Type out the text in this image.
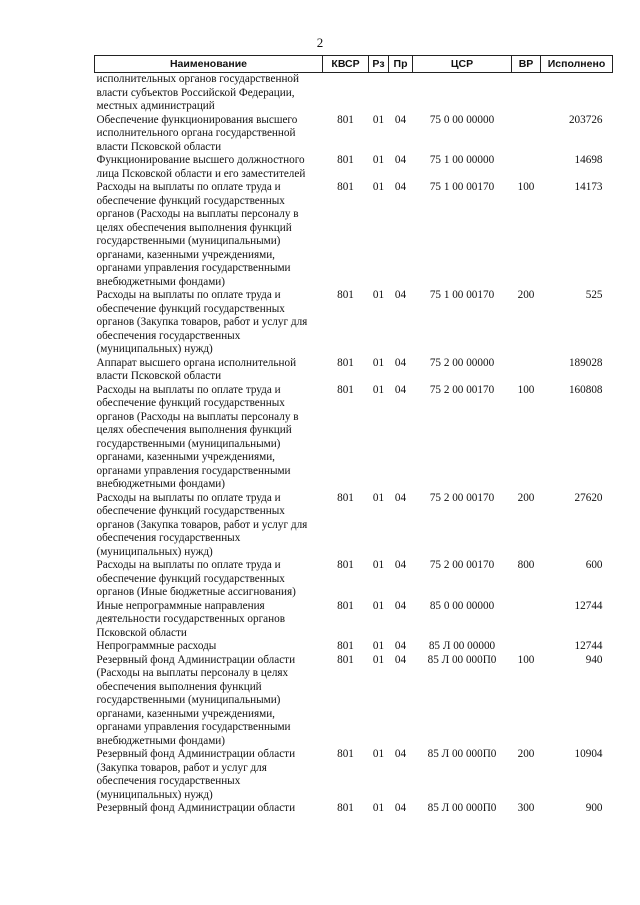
2
Наименование	КВСР	Рз	Пр	ЦСР	ВР	Исполнено
исполнительных органов государственной власти субъектов Российской Федерации, местных администраций						
Обеспечение функционирования высшего исполнительного органа государственной власти Псковской области	801	01	04	75 0 00 00000		203726
Функционирование высшего должностного лица Псковской области и его заместителей	801	01	04	75 1 00 00000		14698
Расходы на выплаты по оплате труда и обеспечение функций государственных органов (Расходы на выплаты персоналу в целях обеспечения выполнения функций государственными (муниципальными) органами, казенными учреждениями, органами управления государственными внебюджетными фондами)	801	01	04	75 1 00 00170	100	14173
Расходы на выплаты по оплате труда и обеспечение функций государственных органов (Закупка товаров, работ и услуг для обеспечения государственных (муниципальных) нужд)	801	01	04	75 1 00 00170	200	525
Аппарат высшего органа исполнительной власти Псковской области	801	01	04	75 2 00 00000		189028
Расходы на выплаты по оплате труда и обеспечение функций государственных органов (Расходы на выплаты персоналу в целях обеспечения выполнения функций государственными (муниципальными) органами, казенными учреждениями, органами управления государственными внебюджетными фондами)	801	01	04	75 2 00 00170	100	160808
Расходы на выплаты по оплате труда и обеспечение функций государственных органов (Закупка товаров, работ и услуг для обеспечения государственных (муниципальных) нужд)	801	01	04	75 2 00 00170	200	27620
Расходы на выплаты по оплате труда и обеспечение функций государственных органов (Иные бюджетные ассигнования)	801	01	04	75 2 00 00170	800	600
Иные непрограммные направления деятельности государственных органов Псковской области	801	01	04	85 0 00 00000		12744
Непрограммные расходы	801	01	04	85 Л 00 00000		12744
Резервный фонд Администрации области (Расходы на выплаты персоналу в целях обеспечения выполнения функций государственными (муниципальными) органами, казенными учреждениями, органами управления государственными внебюджетными фондами)	801	01	04	85 Л 00 000П0	100	940
Резервный фонд Администрации области (Закупка товаров, работ и услуг для обеспечения государственных (муниципальных) нужд)	801	01	04	85 Л 00 000П0	200	10904
Резервный фонд Администрации области	801	01	04	85 Л 00 000П0	300	900
